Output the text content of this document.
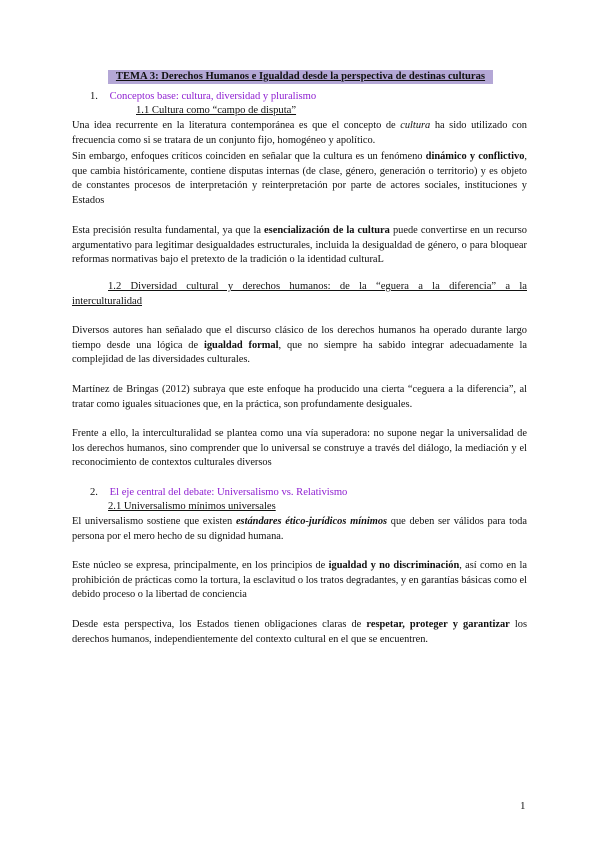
TEMA 3: Derechos Humanos e Igualdad desde la perspectiva de destinas culturas
1. Conceptos base: cultura, diversidad y pluralismo
1.1 Cultura como “campo de disputa”
Una idea recurrente en la literatura contemporánea es que el concepto de cultura ha sido utilizado con frecuencia como si se tratara de un conjunto fijo, homogéneo y apolítico.
Sin embargo, enfoques críticos coinciden en señalar que la cultura es un fenómeno dinámico y conflictivo, que cambia históricamente, contiene disputas internas (de clase, género, generación o territorio) y es objeto de constantes procesos de interpretación y reinterpretación por parte de actores sociales, instituciones y Estados
Esta precisión resulta fundamental, ya que la esencialización de la cultura puede convertirse en un recurso argumentativo para legitimar desigualdades estructurales, incluida la desigualdad de género, o para bloquear reformas normativas bajo el pretexto de la tradición o la identidad culturaL
1.2 Diversidad cultural y derechos humanos: de la “eguera a la diferencia” a la
interculturalidad
Diversos autores han señalado que el discurso clásico de los derechos humanos ha operado durante largo tiempo desde una lógica de igualdad formal, que no siempre ha sabido integrar adecuadamente la complejidad de las diversidades culturales.
Martínez de Bringas (2012) subraya que este enfoque ha producido una cierta “ceguera a la diferencia”, al tratar como iguales situaciones que, en la práctica, son profundamente desiguales.
Frente a ello, la interculturalidad se plantea como una vía superadora: no supone negar la universalidad de los derechos humanos, sino comprender que lo universal se construye a través del diálogo, la mediación y el reconocimiento de contextos culturales diversos
2. El eje central del debate: Universalismo vs. Relativismo
2.1 Universalismo mínimos universales
El universalismo sostiene que existen estándares ético-jurídicos mínimos que deben ser válidos para toda persona por el mero hecho de su dignidad humana.
Este núcleo se expresa, principalmente, en los principios de igualdad y no discriminación, así como en la prohibición de prácticas como la tortura, la esclavitud o los tratos degradantes, y en garantías básicas como el debido proceso o la libertad de conciencia
Desde esta perspectiva, los Estados tienen obligaciones claras de respetar, proteger y garantizar los derechos humanos, independientemente del contexto cultural en el que se encuentren.
1
